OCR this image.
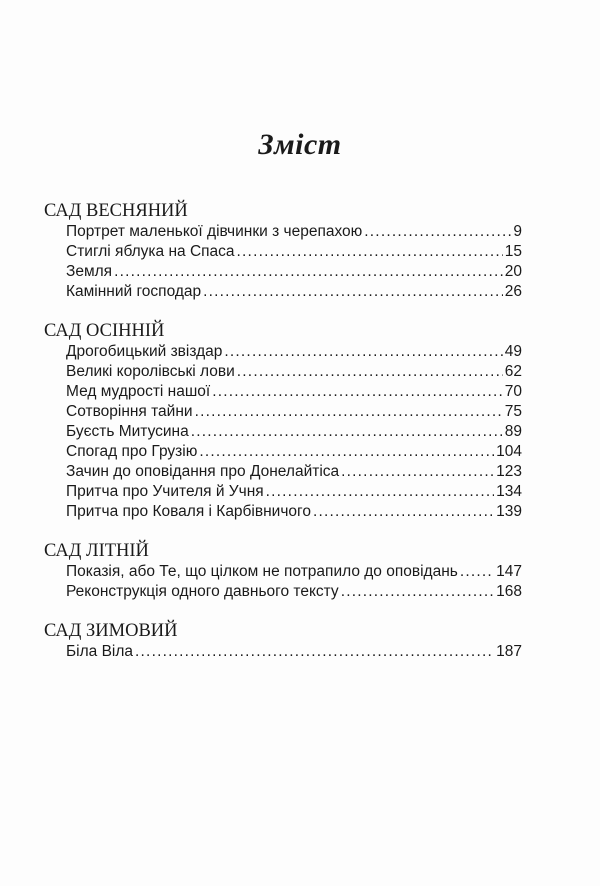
Зміст
САД ВЕСНЯНИЙ
Портрет маленької дівчинки з черепахою .....	9
Стиглі яблука на Спаса .....	15
Земля .....	20
Камінний господар .....	26
САД ОСІННІЙ
Дрогобицький звіздар .....	49
Великі королівські лови .....	62
Мед мудрості нашої .....	70
Сотворіння тайни .....	75
Буєсть Митусина .....	89
Спогад про Грузію .....	104
Зачин до оповідання про Донелайтіса .....	123
Притча про Учителя й Учня .....	134
Притча про Коваля і Карбівничого .....	139
САД ЛІТНІЙ
Показія, або Те, що цілком не потрапило до оповідань ..... 147
Реконструкція одного давнього тексту .....	168
САД ЗИМОВИЙ
Біла Віла .....	187
